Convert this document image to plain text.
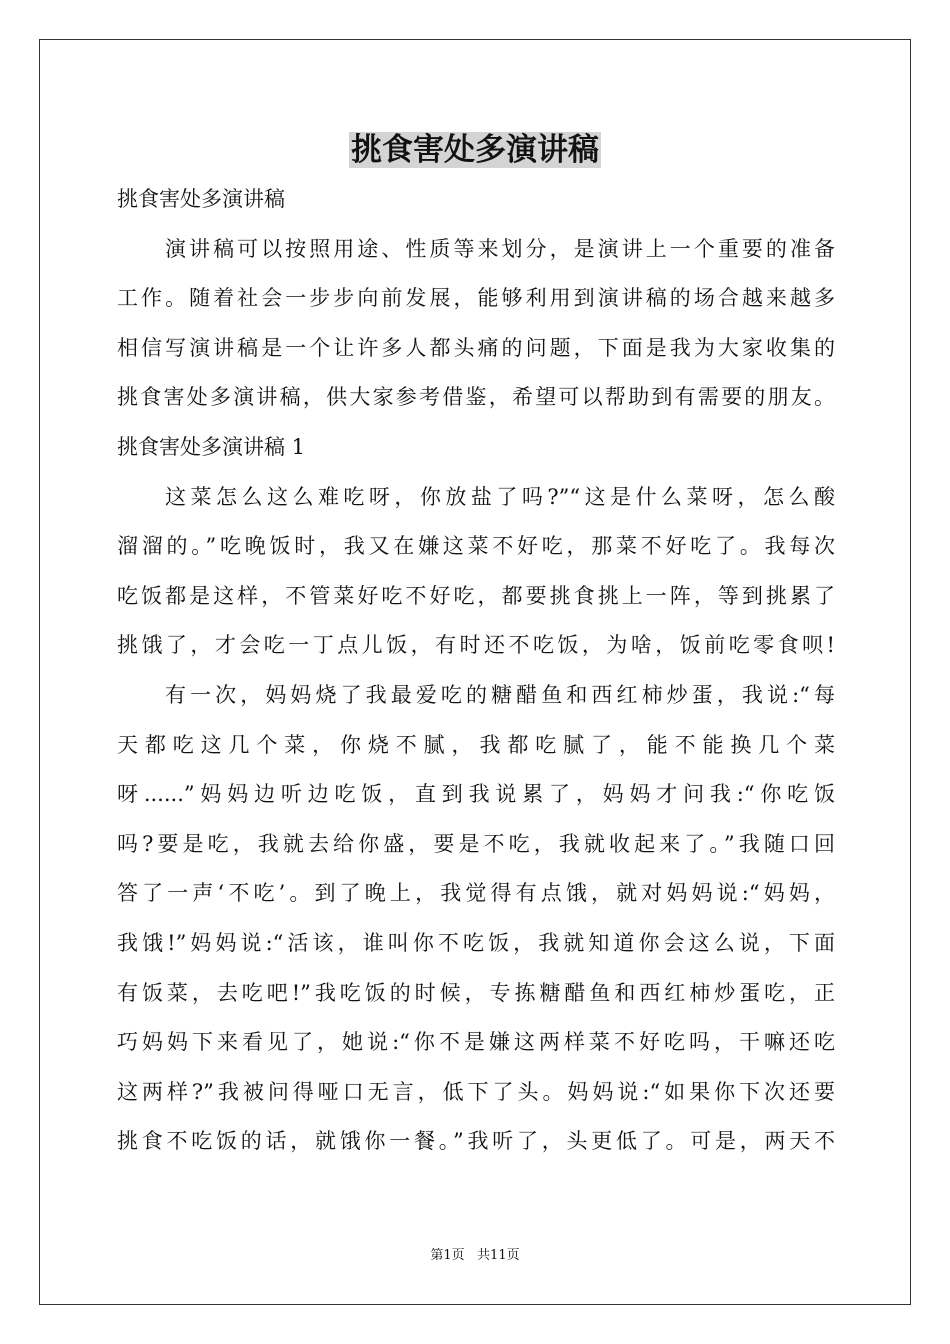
挑食害处多演讲稿
挑食害处多演讲稿
演讲稿可以按照用途、性质等来划分，是演讲上一个重要的准备
工作。随着社会一步步向前发展，能够利用到演讲稿的场合越来越多
相信写演讲稿是一个让许多人都头痛的问题，下面是我为大家收集的
挑食害处多演讲稿，供大家参考借鉴，希望可以帮助到有需要的朋友。
挑食害处多演讲稿 1
这菜怎么这么难吃呀，你放盐了吗?”“这是什么菜呀，怎么酸
溜溜的。”吃晚饭时，我又在嫌这菜不好吃，那菜不好吃了。我每次
吃饭都是这样，不管菜好吃不好吃，都要挑食挑上一阵，等到挑累了
挑饿了，才会吃一丁点儿饭，有时还不吃饭，为啥，饭前吃零食呗!
有一次，妈妈烧了我最爱吃的糖醋鱼和西红柿炒蛋，我说:“每
天都吃这几个菜，你烧不腻，我都吃腻了，能不能换几个菜
呀......”妈妈边听边吃饭，直到我说累了，妈妈才问我:“你吃饭
吗?要是吃，我就去给你盛，要是不吃，我就收起来了。”我随口回
答了一声‘不吃’。到了晚上，我觉得有点饿，就对妈妈说:“妈妈，
我饿!”妈妈说:“活该，谁叫你不吃饭，我就知道你会这么说，下面
有饭菜，去吃吧!”我吃饭的时候，专拣糖醋鱼和西红柿炒蛋吃，正
巧妈妈下来看见了，她说:“你不是嫌这两样菜不好吃吗，干嘛还吃
这两样?”我被问得哑口无言，低下了头。妈妈说:“如果你下次还要
挑食不吃饭的话，就饿你一餐。”我听了，头更低了。可是，两天不
第1页   共11页
